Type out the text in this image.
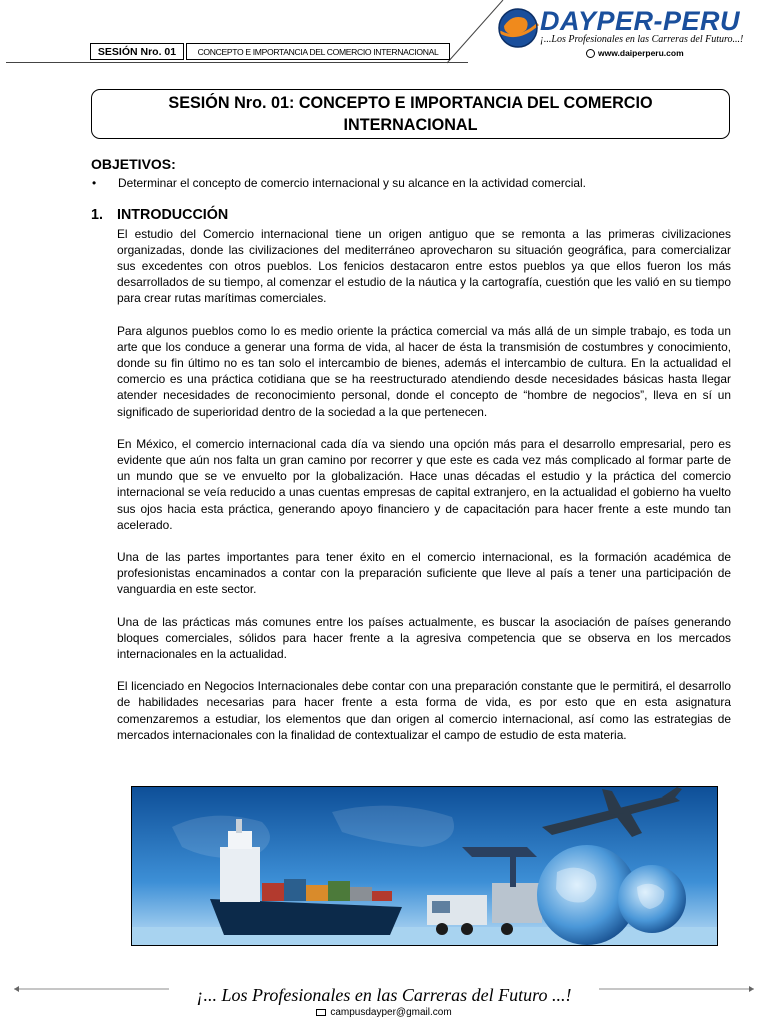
SESIÓN Nro. 01	CONCEPTO E IMPORTANCIA DEL COMERCIO INTERNACIONAL
DAYPER-PERU
¡...Los Profesionales en las Carreras del Futuro...!
www.daiperperu.com
SESIÓN Nro. 01: CONCEPTO E IMPORTANCIA DEL COMERCIO INTERNACIONAL
OBJETIVOS:
•	Determinar el concepto de comercio internacional y su alcance en la actividad comercial.
1. INTRODUCCIÓN

El estudio del Comercio internacional tiene un origen antiguo que se remonta a las primeras civilizaciones organizadas, donde las civilizaciones del mediterráneo aprovecharon su situación geográfica, para comercializar sus excedentes con otros pueblos. Los fenicios destacaron entre estos pueblos ya que ellos fueron los más desarrollados de su tiempo, al comenzar el estudio de la náutica y la cartografía, cuestión que les valió en su tiempo para crear rutas marítimas comerciales.

Para algunos pueblos como lo es medio oriente la práctica comercial va más allá de un simple trabajo, es toda un arte que los conduce a generar una forma de vida, al hacer de ésta la transmisión de costumbres y conocimiento, donde su fin último no es tan solo el intercambio de bienes, además el intercambio de cultura. En la actualidad el comercio es una práctica cotidiana que se ha reestructurado atendiendo desde necesidades básicas hasta llegar atender necesidades de reconocimiento personal, donde el concepto de “hombre de negocios”, lleva en sí un significado de superioridad dentro de la sociedad a la que pertenecen.

En México, el comercio internacional cada día va siendo una opción más para el desarrollo empresarial, pero es evidente que aún nos falta un gran camino por recorrer y que este es cada vez más complicado al formar parte de un mundo que se ve envuelto por la globalización. Hace unas décadas el estudio y la práctica del comercio internacional se veía reducido a unas cuentas empresas de capital extranjero, en la actualidad el gobierno ha vuelto sus ojos hacia esta práctica, generando apoyo financiero y de capacitación para hacer frente a este mundo tan acelerado.

Una de las partes importantes para tener éxito en el comercio internacional, es la formación académica de profesionistas encaminados a contar con la preparación suficiente que lleve al país a tener una participación de vanguardia en este sector.

Una de las prácticas más comunes entre los países actualmente, es buscar la asociación de países generando bloques comerciales, sólidos para hacer frente a la agresiva competencia que se observa en los mercados internacionales en la actualidad.

El licenciado en Negocios Internacionales debe contar con una preparación constante que le permitirá, el desarrollo de habilidades necesarias para hacer frente a esta forma de vida, es por esto que en esta asignatura comenzaremos a estudiar, los elementos que dan origen al comercio internacional, así como las estrategias de mercados internacionales con la finalidad de contextualizar el campo de estudio de esta materia.

¡... Los Profesionales en las Carreras del Futuro ...!
campusdayper@gmail.com
